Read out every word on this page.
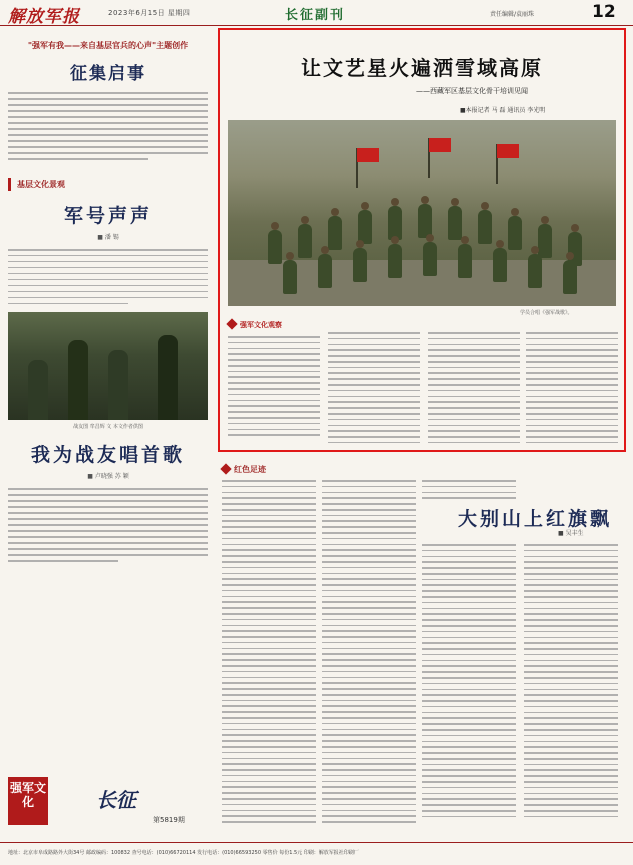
解放军报	2023年6月15日 星期四	长征副刊	责任编辑/袁丽珠	12
"强军有我——来自基层官兵的心声"主题创作
征集启事
基层文化景观
军号声声
■ 潘 锡
战友图 牟昌辉 文 本文作者供图
我为战友唱首歌
■ 卢晓强 苏 颖
强军文化	长征
第5819期
让文艺星火遍洒雪域高原
——西藏军区基层文化骨干培训见闻
■本报记者 马 磊 通讯员 李光明
学员合唱《强军战歌》。
强军文化观察
红色足迹
大别山上红旗飘
■ 吴丰生
地址：北京市阜成路路外大街34号 邮政编码：100832 查号电话：(010)66720114 发行电话：(010)66593250 零售价 每份1.5元 印刷：解放军报社印刷厂
